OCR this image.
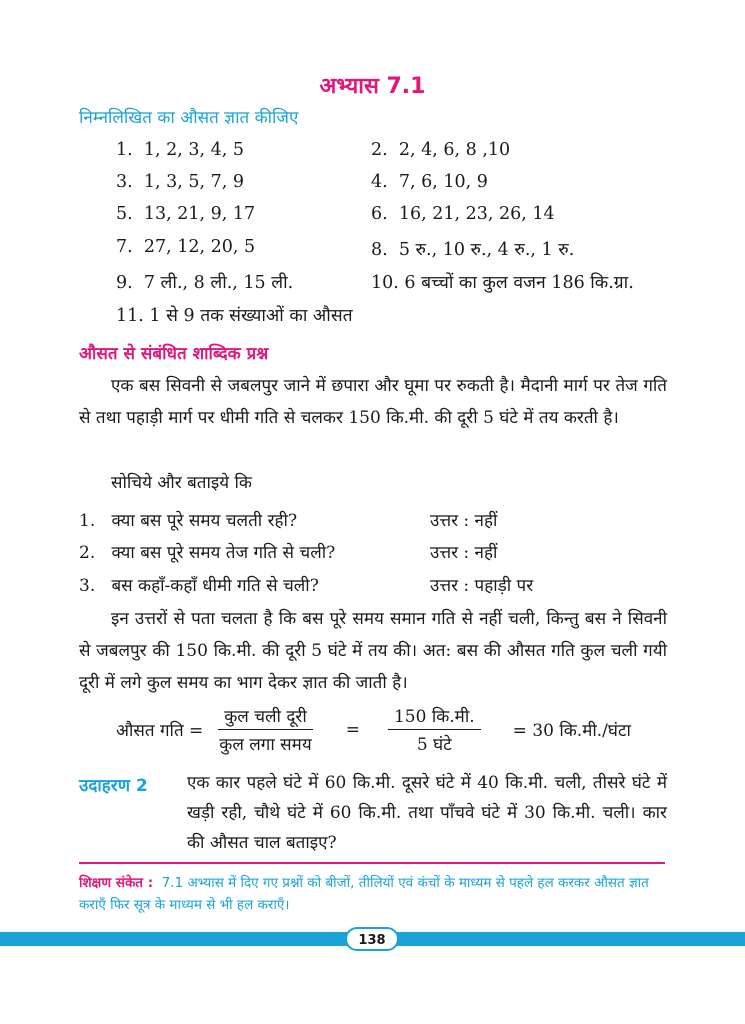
अभ्यास 7.1
निम्नलिखित का औसत ज्ञात कीजिए
1. 1, 2, 3, 4, 5	2. 2, 4, 6, 8 ,10
3. 1, 3, 5, 7, 9	4. 7, 6, 10, 9
5. 13, 21, 9, 17	6. 16, 21, 23, 26, 14
7. 27, 12, 20, 5	8. 5 रु., 10 रु., 4 रु., 1 रु.
9. 7 ली., 8 ली., 15 ली.	10. 6 बच्चों का कुल वजन 186 कि.ग्रा.
11. 1 से 9 तक संख्याओं का औसत
औसत से संबंधित शाब्दिक प्रश्न
एक बस सिवनी से जबलपुर जाने में छपारा और घूमा पर रुकती है। मैदानी मार्ग पर तेज गति से तथा पहाड़ी मार्ग पर धीमी गति से चलकर 150 कि.मी. की दूरी 5 घंटे में तय करती है।
सोचिये और बताइये कि
1. क्या बस पूरे समय चलती रही?	उत्तर : नहीं
2. क्या बस पूरे समय तेज गति से चली?	उत्तर : नहीं
3. बस कहाँ-कहाँ धीमी गति से चली?	उत्तर : पहाड़ी पर
इन उत्तरों से पता चलता है कि बस पूरे समय समान गति से नहीं चली, किन्तु बस ने सिवनी से जबलपुर की 150 कि.मी. की दूरी 5 घंटे में तय की। अत: बस की औसत गति कुल चली गयी दूरी में लगे कुल समय का भाग देकर ज्ञात की जाती है।
औसत गति = $\frac{\text{कुल चली दूरी}}{\text{कुल लगा समय}} = \frac{\text{150 कि.मी.}}{\text{5 घंटे}} = 30$ कि.मी./घंटा
उदाहरण 2 एक कार पहले घंटे में 60 कि.मी. दूसरे घंटे में 40 कि.मी. चली, तीसरे घंटे में खड़ी रही, चौथे घंटे में 60 कि.मी. तथा पाँचवे घंटे में 30 कि.मी. चली। कार की औसत चाल बताइए?
शिक्षण संकेत : 7.1 अभ्यास में दिए गए प्रश्नों को बीजों, तीलियों एवं कंचों के माध्यम से पहले हल करकर औसत ज्ञात कराएँ फिर सूत्र के माध्यम से भी हल कराएँ।
138
